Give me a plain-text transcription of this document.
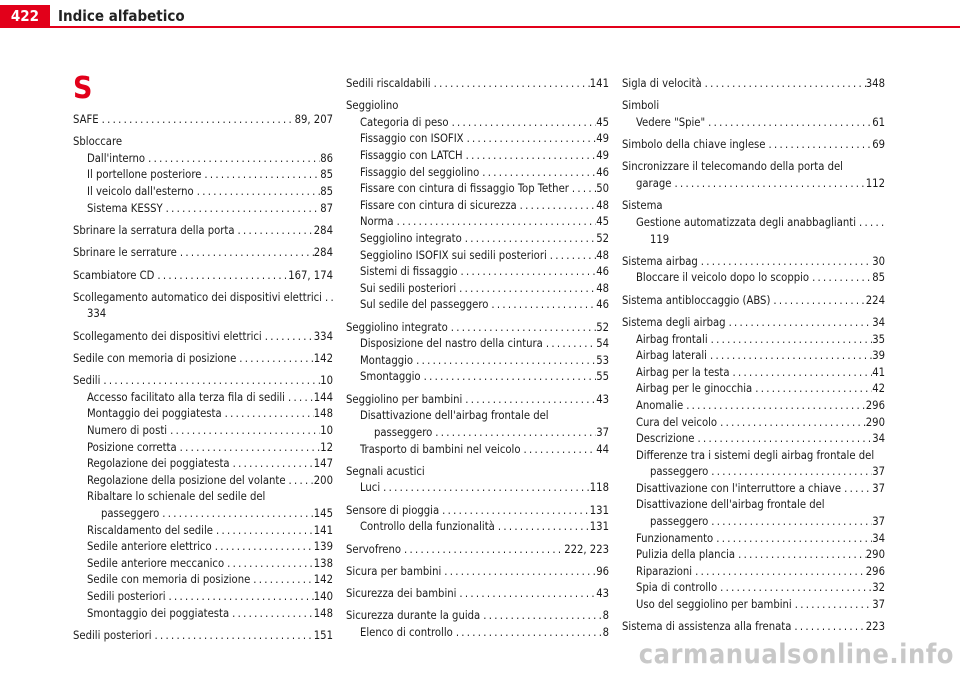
422	Indice alfabetico
S
SAFE .....	89, 207
Sbloccare
Dall'interno .....	86
Il portellone posteriore .....	85
Il veicolo dall'esterno .....	85
Sistema KESSY .....	87
Sbrinare la serratura della porta .....	284
Sbrinare le serrature .....	284
Scambiatore CD .....	167, 174
Scollegamento automatico dei dispositivi elettrici
.....
334
Scollegamento dei dispositivi elettrici .....	334
Sedile con memoria di posizione .....	142
Sedili .....	10
Accesso facilitato alla terza fila di sedili .....	144
Montaggio dei poggiatesta .....	148
Numero di posti .....	10
Posizione corretta .....	12
Regolazione dei poggiatesta .....	147
Regolazione della posizione del volante .....	200
Ribaltare lo schienale del sedile del
passeggero .....	145
Riscaldamento del sedile .....	141
Sedile anteriore elettrico .....	139
Sedile anteriore meccanico .....	138
Sedile con memoria di posizione .....	142
Sedili posteriori .....	140
Smontaggio dei poggiatesta .....	148
Sedili posteriori .....	151
Sedili riscaldabili .....	141
Seggiolino
Categoria di peso .....	45
Fissaggio con ISOFIX .....	49
Fissaggio con LATCH .....	49
Fissaggio del seggiolino .....	46
Fissare con cintura di fissaggio Top Tether ..... 50
Fissare con cintura di sicurezza .....	48
Norma .....	45
Seggiolino integrato .....	52
Seggiolino ISOFIX sui sedili posteriori .....	48
Sistemi di fissaggio .....	46
Sui sedili posteriori .....	48
Sul sedile del passeggero .....	46
Seggiolino integrato .....	52
Disposizione del nastro della cintura .....	54
Montaggio .....	53
Smontaggio .....	55
Seggiolino per bambini .....	43
Disattivazione dell'airbag frontale del
passeggero .....	37
Trasporto di bambini nel veicolo .....	44
Segnali acustici
Luci .....	118
Sensore di pioggia .....	131
Controllo della funzionalità .....	131
Servofreno .....	222, 223
Sicura per bambini .....	96
Sicurezza dei bambini .....	43
Sicurezza durante la guida .....	8
Elenco di controllo .....	8
Sigla di velocità .....	348
Simboli
Vedere "Spie" .....	61
Simbolo della chiave inglese .....	69
Sincronizzare il telecomando della porta del
garage .....	112
Sistema
Gestione automatizzata degli anabbaglianti
.....
119
Sistema airbag .....	30
Bloccare il veicolo dopo lo scoppio .....	85
Sistema antibloccaggio (ABS) .....	224
Sistema degli airbag .....	34
Airbag frontali .....	35
Airbag laterali .....	39
Airbag per la testa .....	41
Airbag per le ginocchia .....	42
Anomalie .....	296
Cura del veicolo .....	290
Descrizione .....	34
Differenze tra i sistemi degli airbag frontale del
passeggero .....	37
Disattivazione con l'interruttore a chiave .....	37
Disattivazione dell'airbag frontale del
passeggero .....	37
Funzionamento .....	34
Pulizia della plancia .....	290
Riparazioni .....	296
Spia di controllo .....	32
Uso del seggiolino per bambini .....	37
Sistema di assistenza alla frenata .....	223
carmanualsonline.info
